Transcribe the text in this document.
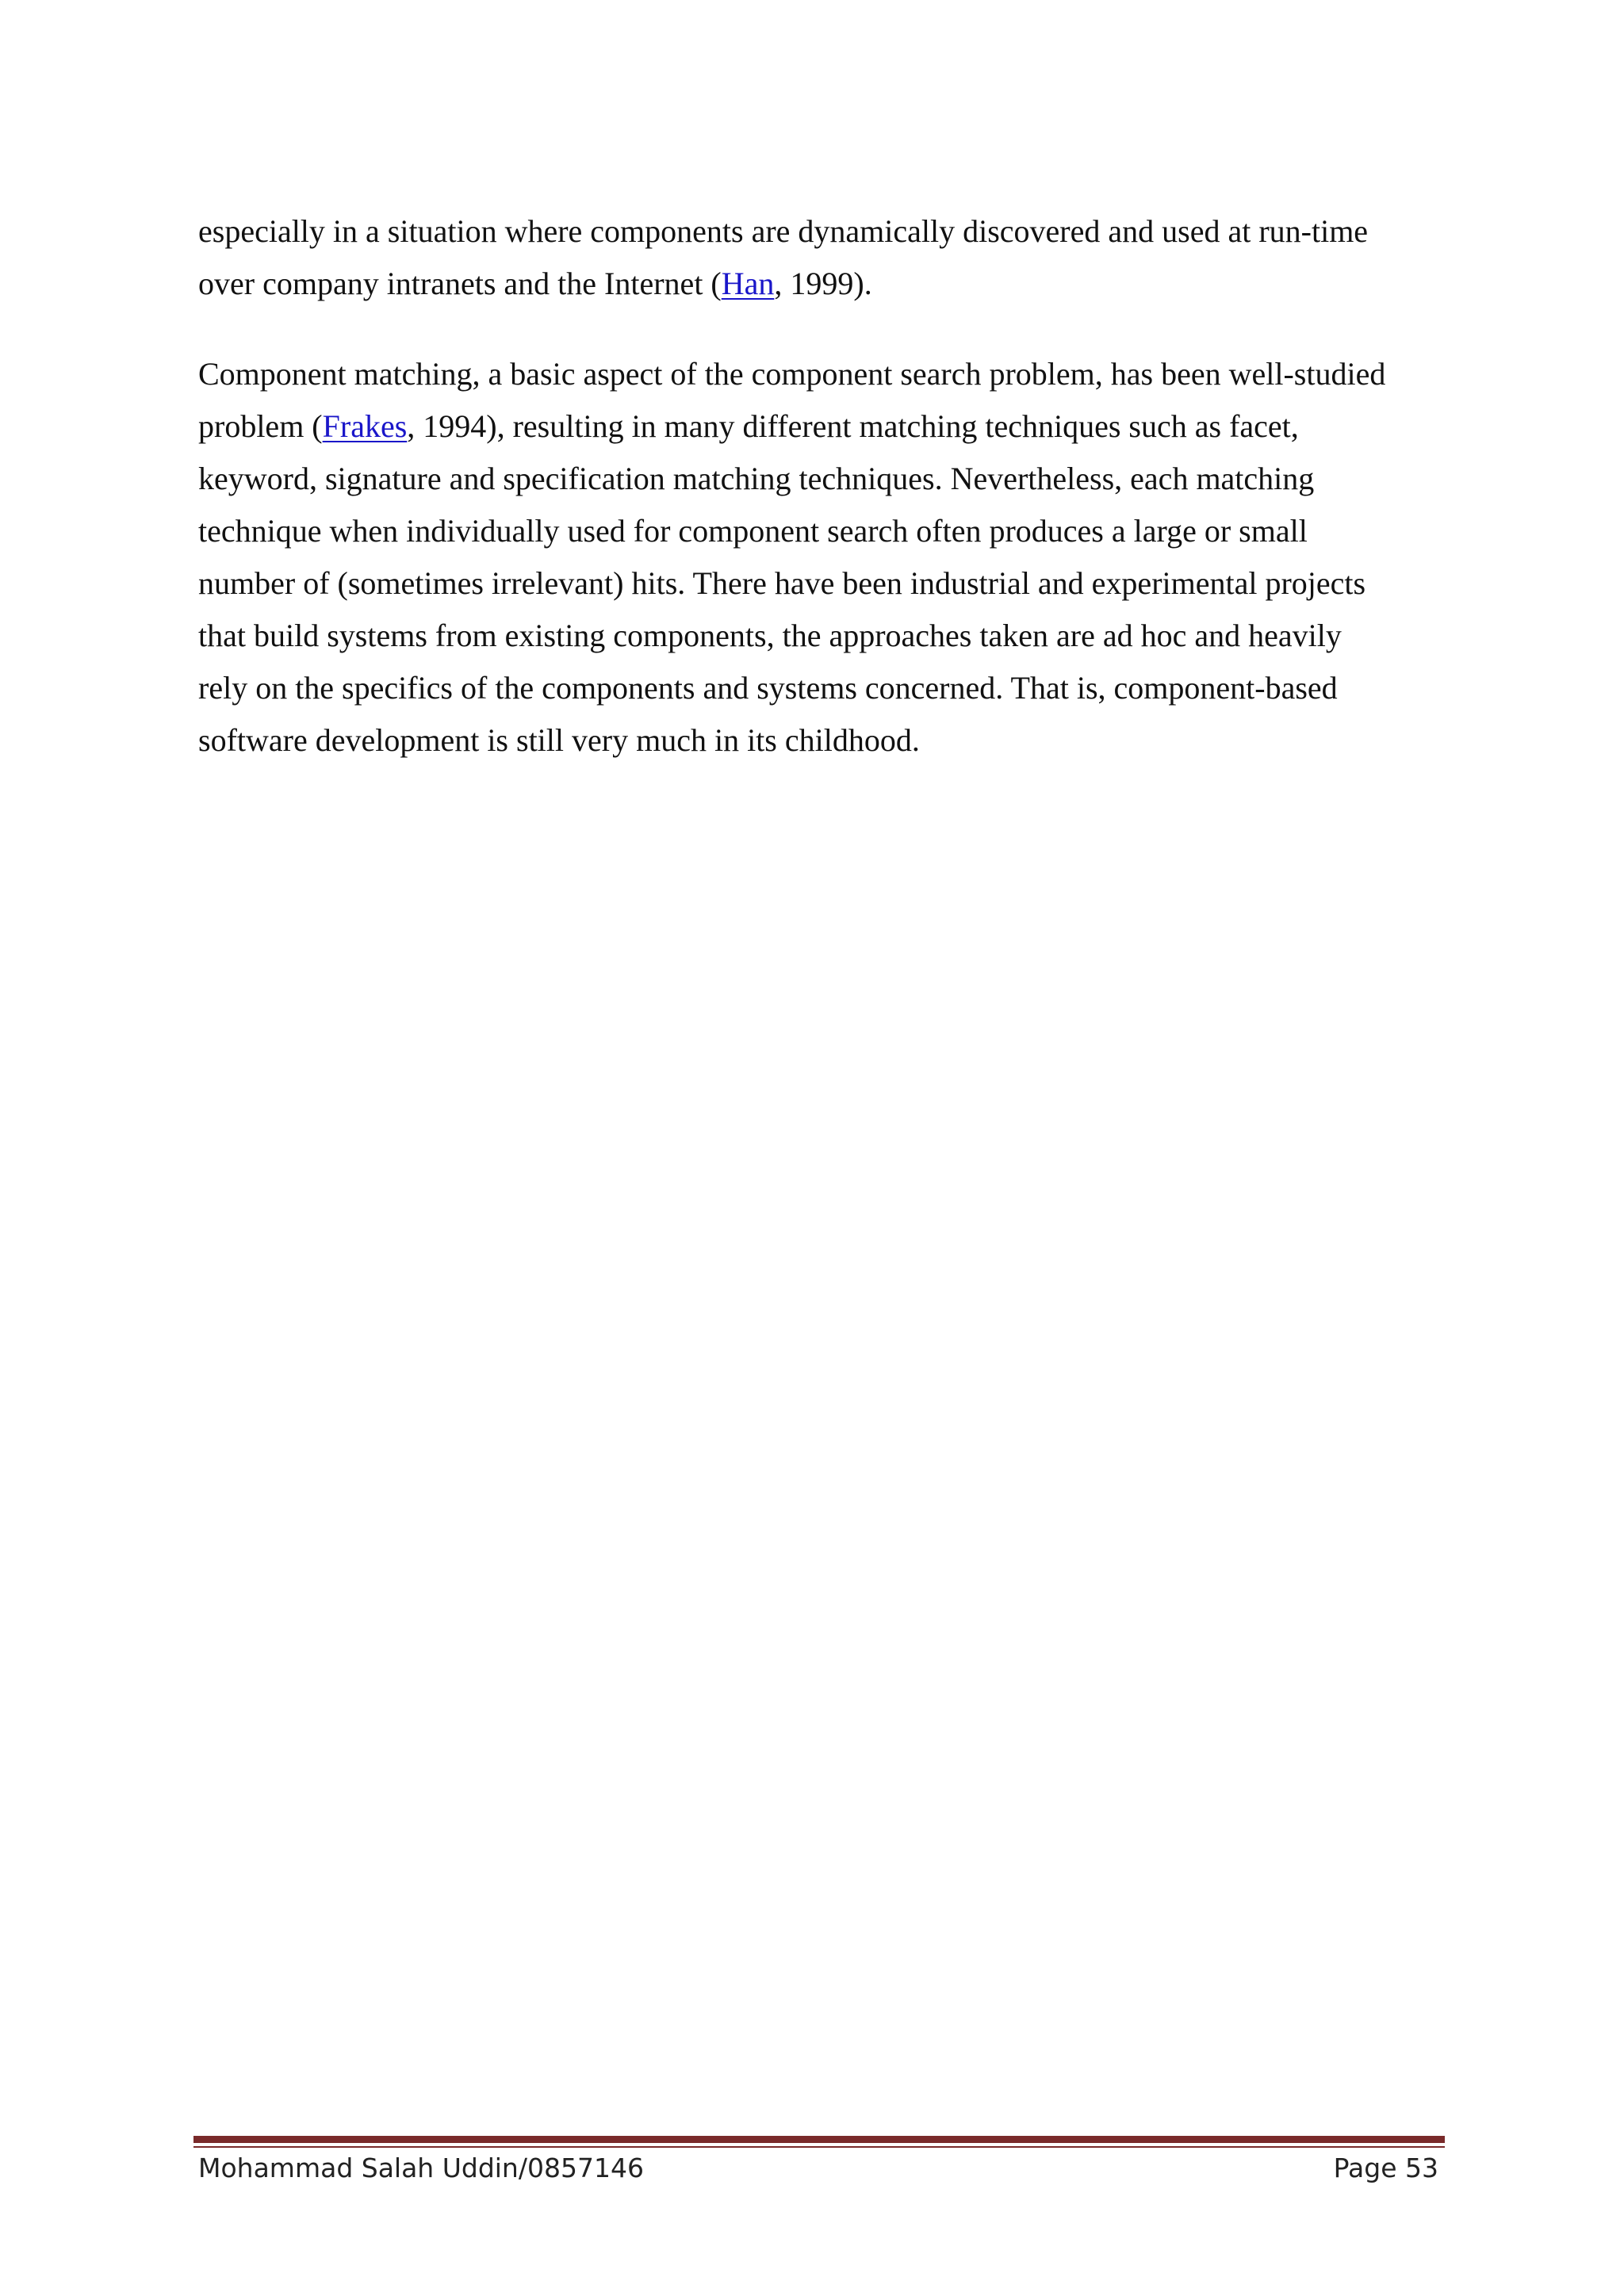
especially in a situation where components are dynamically discovered and used at run-time
over company intranets and the Internet (Han, 1999).
Component matching, a basic aspect of the component search problem, has been well-studied
problem (Frakes, 1994), resulting in many different matching techniques such as facet,
keyword, signature and specification matching techniques. Nevertheless, each matching
technique when individually used for component search often produces a large or small
number of (sometimes irrelevant) hits. There have been industrial and experimental projects
that build systems from existing components, the approaches taken are ad hoc and heavily
rely on the specifics of the components and systems concerned. That is, component-based
software development is still very much in its childhood.
Mohammad Salah Uddin/0857146	Page 53
